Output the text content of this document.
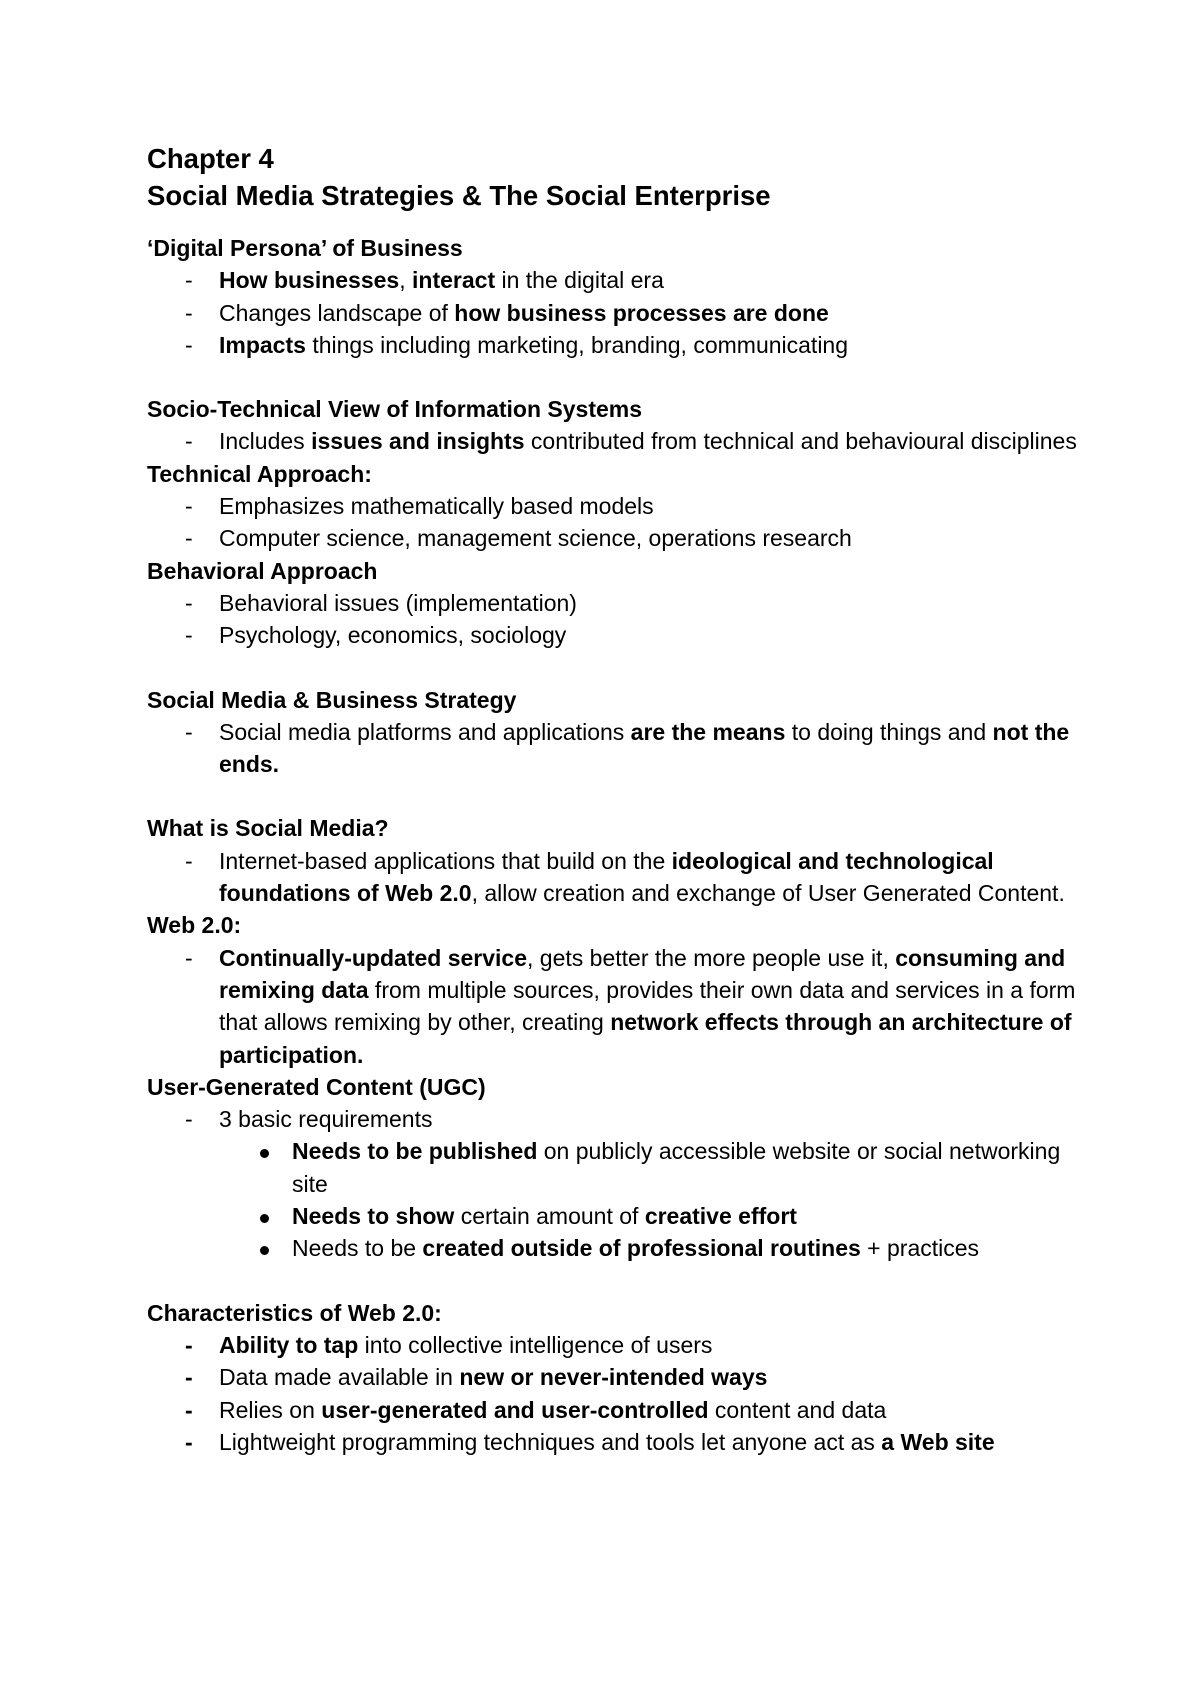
Chapter 4
Social Media Strategies & The Social Enterprise
‘Digital Persona’ of Business
- How businesses, interact in the digital era
- Changes landscape of how business processes are done
- Impacts things including marketing, branding, communicating
Socio-Technical View of Information Systems
- Includes issues and insights contributed from technical and behavioural disciplines
Technical Approach:
- Emphasizes mathematically based models
- Computer science, management science, operations research
Behavioral Approach
- Behavioral issues (implementation)
- Psychology, economics, sociology
Social Media & Business Strategy
- Social media platforms and applications are the means to doing things and not the ends.
What is Social Media?
- Internet-based applications that build on the ideological and technological foundations of Web 2.0, allow creation and exchange of User Generated Content.
Web 2.0:
- Continually-updated service, gets better the more people use it, consuming and remixing data from multiple sources, provides their own data and services in a form that allows remixing by other, creating network effects through an architecture of participation.
User-Generated Content (UGC)
- 3 basic requirements
Needs to be published on publicly accessible website or social networking site
Needs to show certain amount of creative effort
Needs to be created outside of professional routines + practices
Characteristics of Web 2.0:
- Ability to tap into collective intelligence of users
- Data made available in new or never-intended ways
- Relies on user-generated and user-controlled content and data
- Lightweight programming techniques and tools let anyone act as a Web site
